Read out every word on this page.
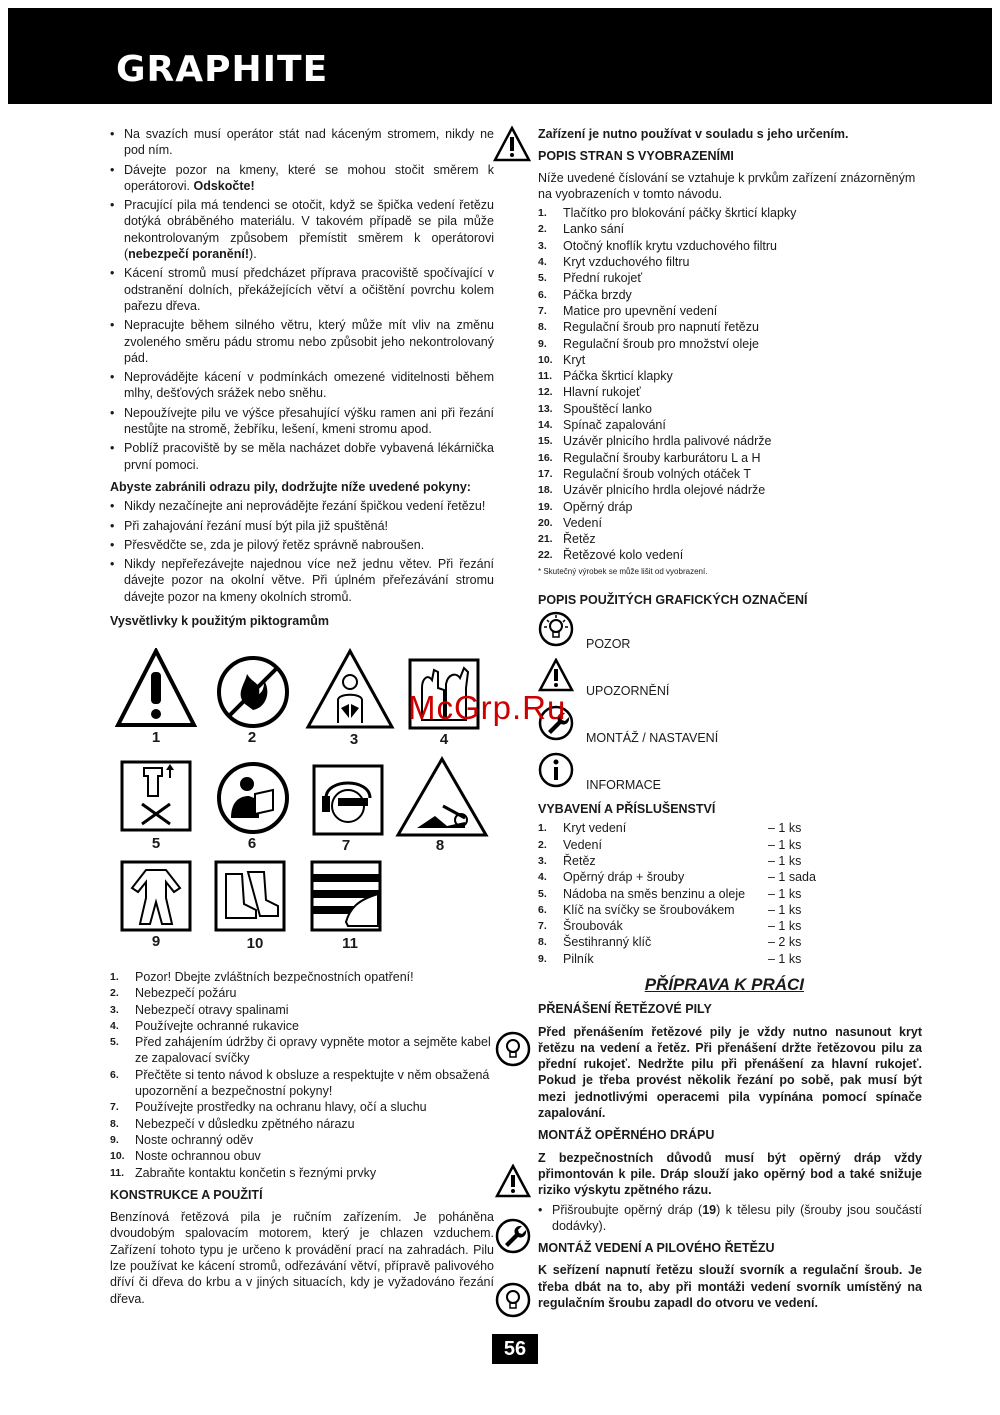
GRAPHITE
• Na svazích musí operátor stát nad káceným stromem, nikdy ne pod ním.
• Dávejte pozor na kmeny, které se mohou stočit směrem k operátorovi. Odskočte!
• Pracující pila má tendenci se otočit, když se špička vedení řetězu dotýká obráběného materiálu. V takovém případě se pila může nekontrolovaným způsobem přemístit směrem k operátorovi (nebezpečí poranění!).
• Kácení stromů musí předcházet příprava pracoviště spočívající v odstranění dolních, překážejících větví a očištění povrchu kolem pařezu dřeva.
• Nepracujte během silného větru, který může mít vliv na změnu zvoleného směru pádu stromu nebo způsobit jeho nekontrolovaný pád.
• Neprovádějte kácení v podmínkách omezené viditelnosti během mlhy, dešťových srážek nebo sněhu.
• Nepoužívejte pilu ve výšce přesahující výšku ramen ani při řezání nestůjte na stromě, žebříku, lešení, kmeni stromu apod.
• Poblíž pracoviště by se měla nacházet dobře vybavená lékárnička první pomoci.
Abyste zabránili odrazu pily, dodržujte níže uvedené pokyny:
• Nikdy nezačínejte ani neprovádějte řezání špičkou vedení řetězu!
• Při zahajování řezání musí být pila již spuštěná!
• Přesvědčte se, zda je pilový řetěz správně nabroušen.
• Nikdy nepřeřezávejte najednou více než jednu větev. Při řezání dávejte pozor na okolní větve. Při úplném přeřezávání stromu dávejte pozor na kmeny okolních stromů.
Vysvětlivky k použitým piktogramům
1	2	3	4
5	6	7	8
9	10	11
1.	Pozor! Dbejte zvláštních bezpečnostních opatření!
2.	Nebezpečí požáru
3.	Nebezpečí otravy spalinami
4.	Používejte ochranné rukavice
5.	Před zahájením údržby či opravy vypněte motor a sejměte kabel ze zapalovací svíčky
6.	Přečtěte si tento návod k obsluze a respektujte v něm obsažená upozornění a bezpečnostní pokyny!
7.	Používejte prostředky na ochranu hlavy, očí a sluchu
8.	Nebezpečí v důsledku zpětného nárazu
9.	Noste ochranný oděv
10. Noste ochrannou obuv
11. Zabraňte kontaktu končetin s řeznými prvky
KONSTRUKCE A POUŽITÍ
Benzínová řetězová pila je ručním zařízením. Je poháněna dvoudobým spalovacím motorem, který je chlazen vzduchem. Zařízení tohoto typu je určeno k provádění prací na zahradách. Pilu lze používat ke kácení stromů, odřezávání větví, přípravě palivového dříví či dřeva do krbu a v jiných situacích, kdy je vyžadováno řezání dřeva.
Zařízení je nutno používat v souladu s jeho určením.
POPIS STRAN S VYOBRAZENÍMI
Níže uvedené číslování se vztahuje k prvkům zařízení znázorněným na vyobrazeních v tomto návodu.
1.	Tlačítko pro blokování páčky škrticí klapky
2.	Lanko sání
3.	Otočný knoflík krytu vzduchového filtru
4.	Kryt vzduchového filtru
5.	Přední rukojeť
6.	Páčka brzdy
7.	Matice pro upevnění vedení
8.	Regulační šroub pro napnutí řetězu
9.	Regulační šroub pro množství oleje
10. Kryt
11. Páčka škrticí klapky
12. Hlavní rukojeť
13. Spouštěcí lanko
14. Spínač zapalování
15. Uzávěr plnicího hrdla palivové nádrže
16. Regulační šrouby karburátoru L a H
17. Regulační šroub volných otáček T
18. Uzávěr plnicího hrdla olejové nádrže
19. Opěrný dráp
20. Vedení
21. Řetěz
22. Řetězové kolo vedení
* Skutečný výrobek se může lišit od vyobrazení.
POPIS POUŽITÝCH GRAFICKÝCH OZNAČENÍ
POZOR
UPOZORNĚNÍ
MONTÁŽ / NASTAVENÍ
INFORMACE
VYBAVENÍ A PŘÍSLUŠENSTVÍ
1.	Kryt vedení	– 1 ks
2.	Vedení	– 1 ks
3.	Řetěz	– 1 ks
4.	Opěrný dráp + šrouby	– 1 sada
5.	Nádoba na směs benzinu a oleje	– 1 ks
6.	Klíč na svíčky se šroubovákem	– 1 ks
7.	Šroubovák	– 1 ks
8.	Šestihranný klíč	– 2 ks
9.	Pilník	– 1 ks
PŘÍPRAVA K PRÁCI
PŘENÁŠENÍ ŘETĚZOVÉ PILY
Před přenášením řetězové pily je vždy nutno nasunout kryt řetězu na vedení a řetěz. Při přenášení držte řetězovou pilu za přední rukojeť. Nedržte pilu při přenášení za hlavní rukojeť. Pokud je třeba provést několik řezání po sobě, pak musí být mezi jednotlivými operacemi pila vypínána pomocí spínače zapalování.
MONTÁŽ OPĚRNÉHO DRÁPU
Z bezpečnostních důvodů musí být opěrný dráp vždy přimontován k pile. Dráp slouží jako opěrný bod a také snižuje riziko výskytu zpětného rázu.
• Přišroubujte opěrný dráp (19) k tělesu pily (šrouby jsou součástí dodávky).
MONTÁŽ VEDENÍ A PILOVÉHO ŘETĚZU
K seřízení napnutí řetězu slouží svorník a regulační šroub. Je třeba dbát na to, aby při montáži vedení svorník umístěný na regulačním šroubu zapadl do otvoru ve vedení.
McGrp.Ru
56
